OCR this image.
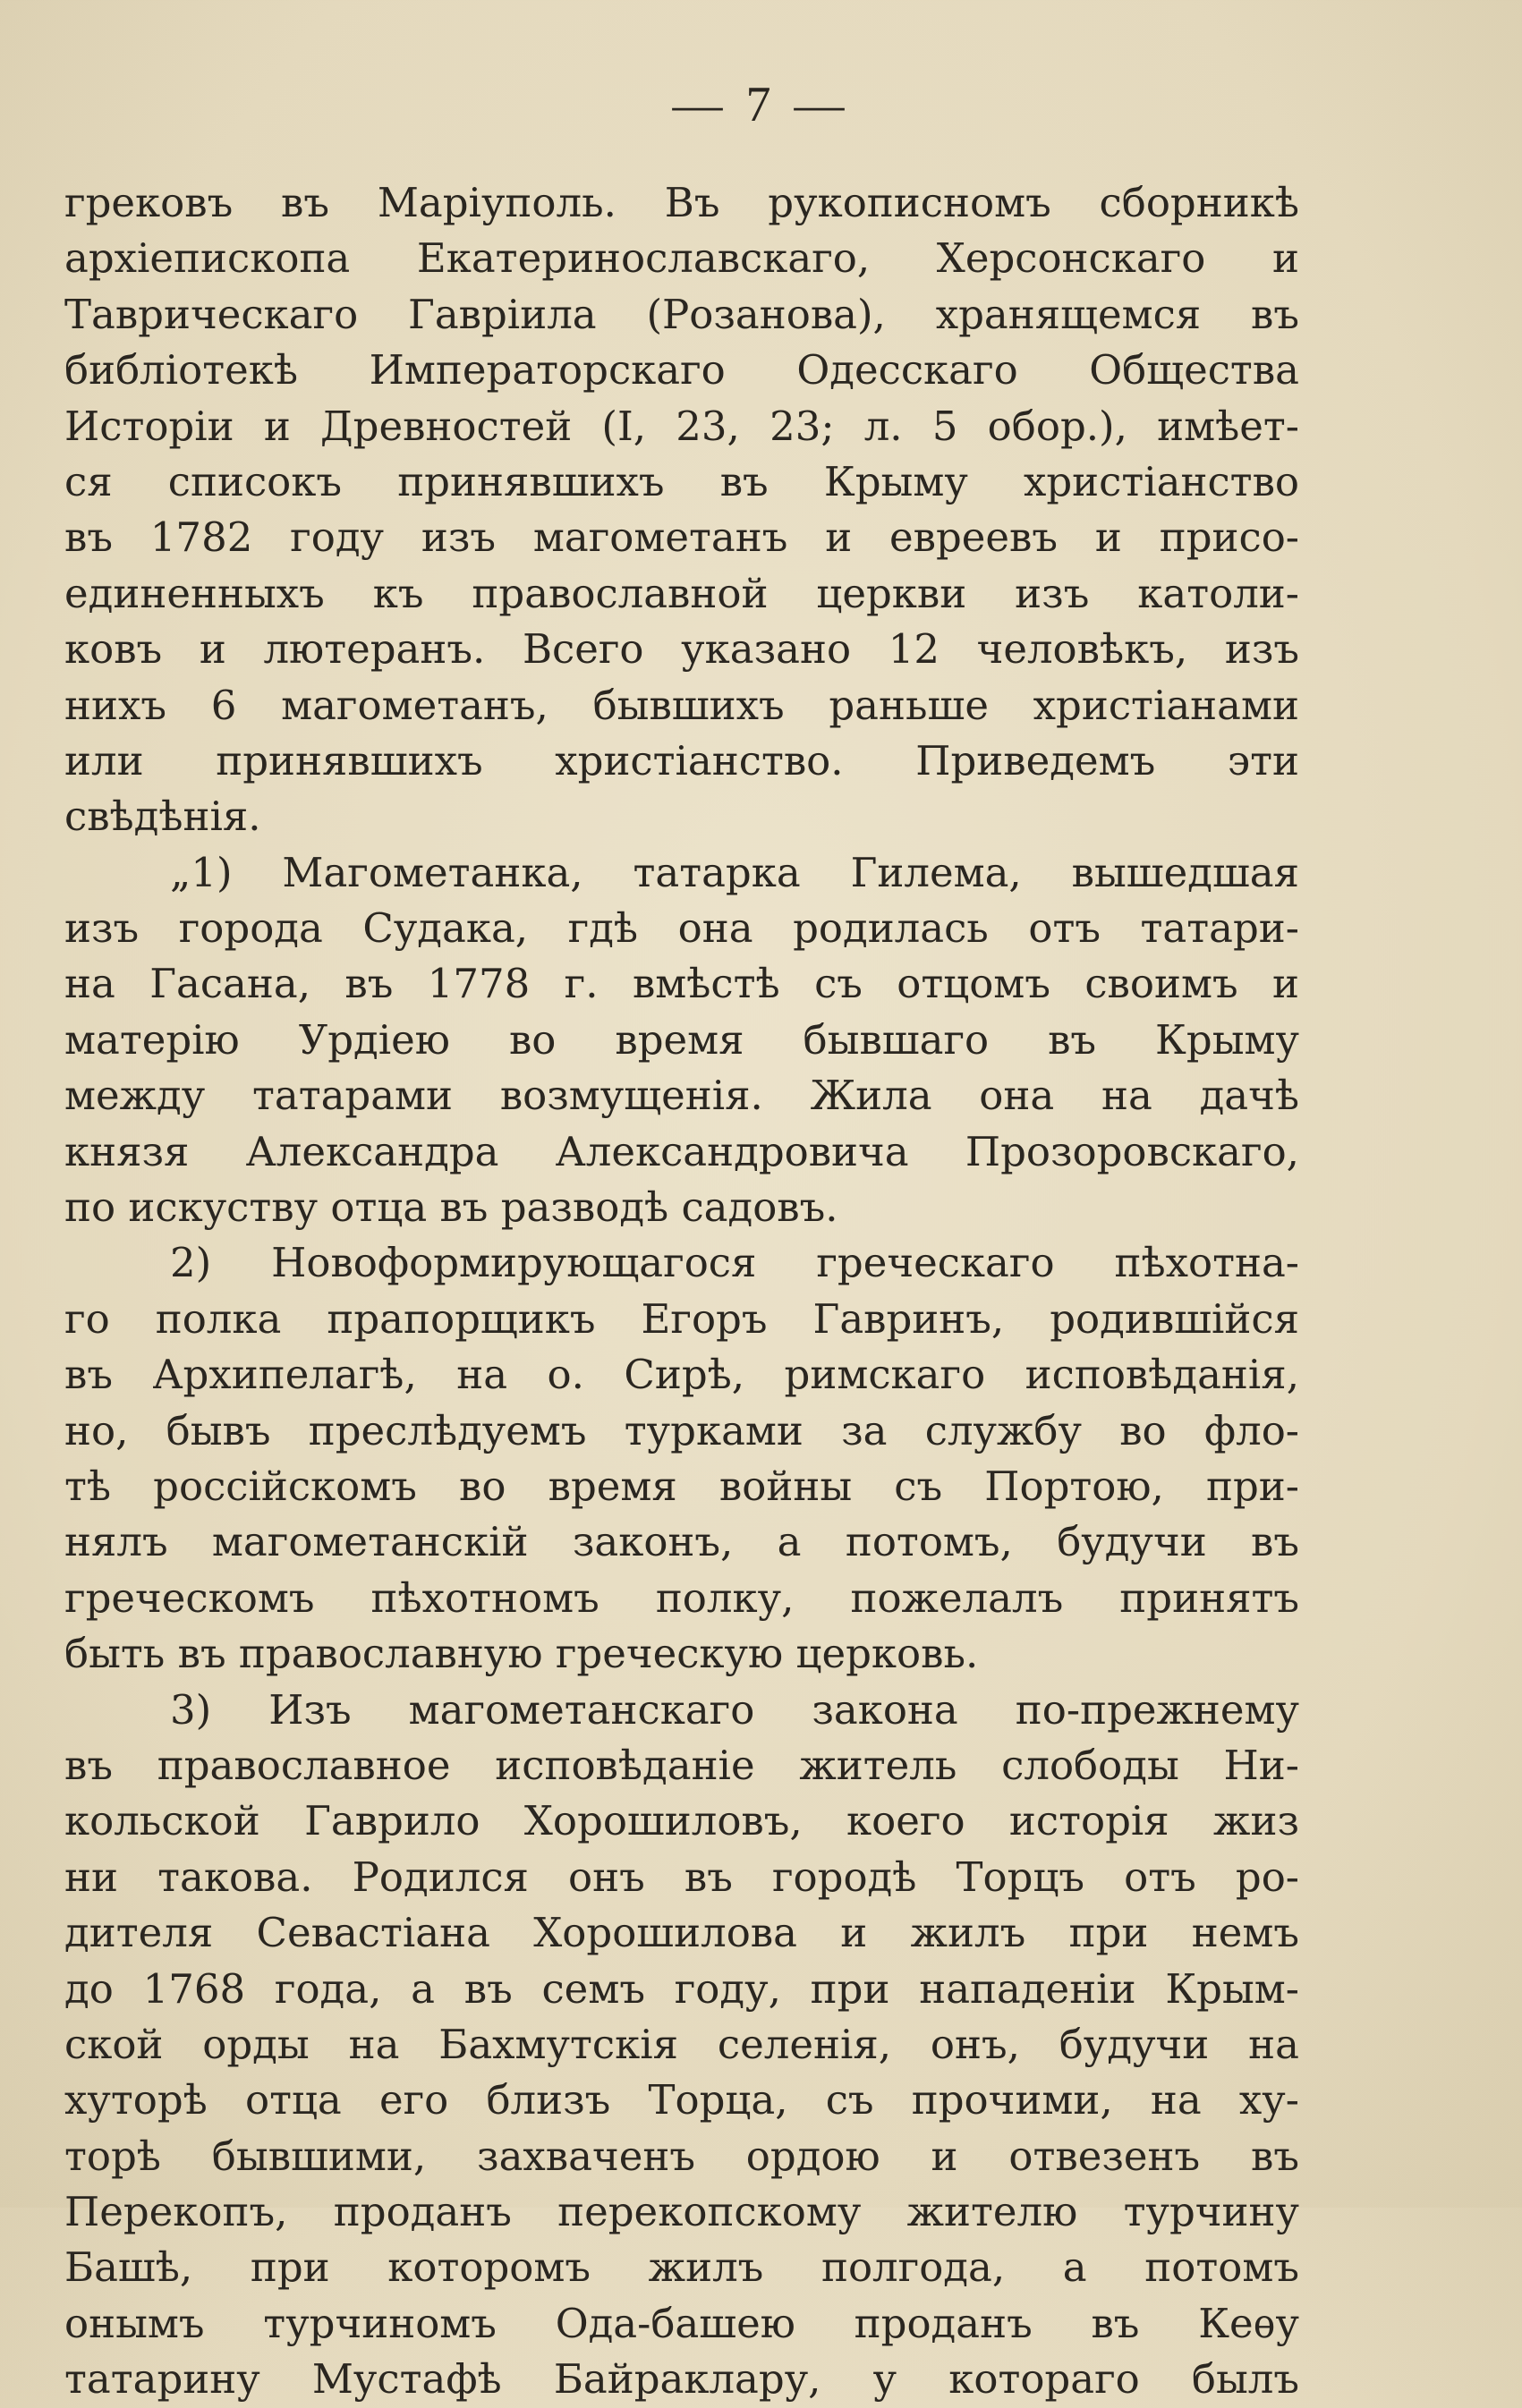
— 7 —
грековъ въ Маріуполь. Въ рукописномъ сборникѣ
архіепископа Екатеринославскаго, Херсонскаго и
Таврическаго Гавріила (Розанова), хранящемся въ
библіотекѣ Императорскаго Одесскаго Общества
Исторіи и Древностей (I, 23, 23; л. 5 обор.), имѣет-
ся списокъ принявшихъ въ Крыму христіанство
въ 1782 году изъ магометанъ и евреевъ и присо-
единенныхъ къ православной церкви изъ католи-
ковъ и лютеранъ. Всего указано 12 человѣкъ, изъ
нихъ 6 магометанъ, бывшихъ раньше христіанами
или принявшихъ христіанство. Приведемъ эти
свѣдѣнія.
„1) Магометанка, татарка Гилема, вышедшая
изъ города Судака, гдѣ она родилась отъ татари-
на Гасана, въ 1778 г. вмѣстѣ съ отцомъ своимъ и
матерію Урдіею во время бывшаго въ Крыму
между татарами возмущенія. Жила она на дачѣ
князя Александра Александровича Прозоровскаго,
по искуству отца въ разводѣ садовъ.
2) Новоформирующагося греческаго пѣхотна-
го полка прапорщикъ Егоръ Гавринъ, родившійся
въ Архипелагѣ, на о. Сирѣ, римскаго исповѣданія,
но, бывъ преслѣдуемъ турками за службу во фло-
тѣ россійскомъ во время войны съ Портою, при-
нялъ магометанскій законъ, а потомъ, будучи въ
греческомъ пѣхотномъ полку, пожелалъ принятъ
быть въ православную греческую церковь.
3) Изъ магометанскаго закона по-прежнему
въ православное исповѣданіе житель слободы Ни-
кольской Гаврило Хорошиловъ, коего исторія жиз
ни такова. Родился онъ въ городѣ Торцъ отъ ро-
дителя Севастіана Хорошилова и жилъ при немъ
до 1768 года, а въ семъ году, при нападеніи Крым-
ской орды на Бахмутскія селенія, онъ, будучи на
хуторѣ отца его близъ Торца, съ прочими, на ху-
торѣ бывшими, захваченъ ордою и отвезенъ въ
Перекопъ, проданъ перекопскому жителю турчину
Башѣ, при которомъ жилъ полгода, а потомъ
онымъ турчиномъ Ода-башею проданъ въ Кеѳу
татарину Мустафѣ Байраклару, у котораго былъ
